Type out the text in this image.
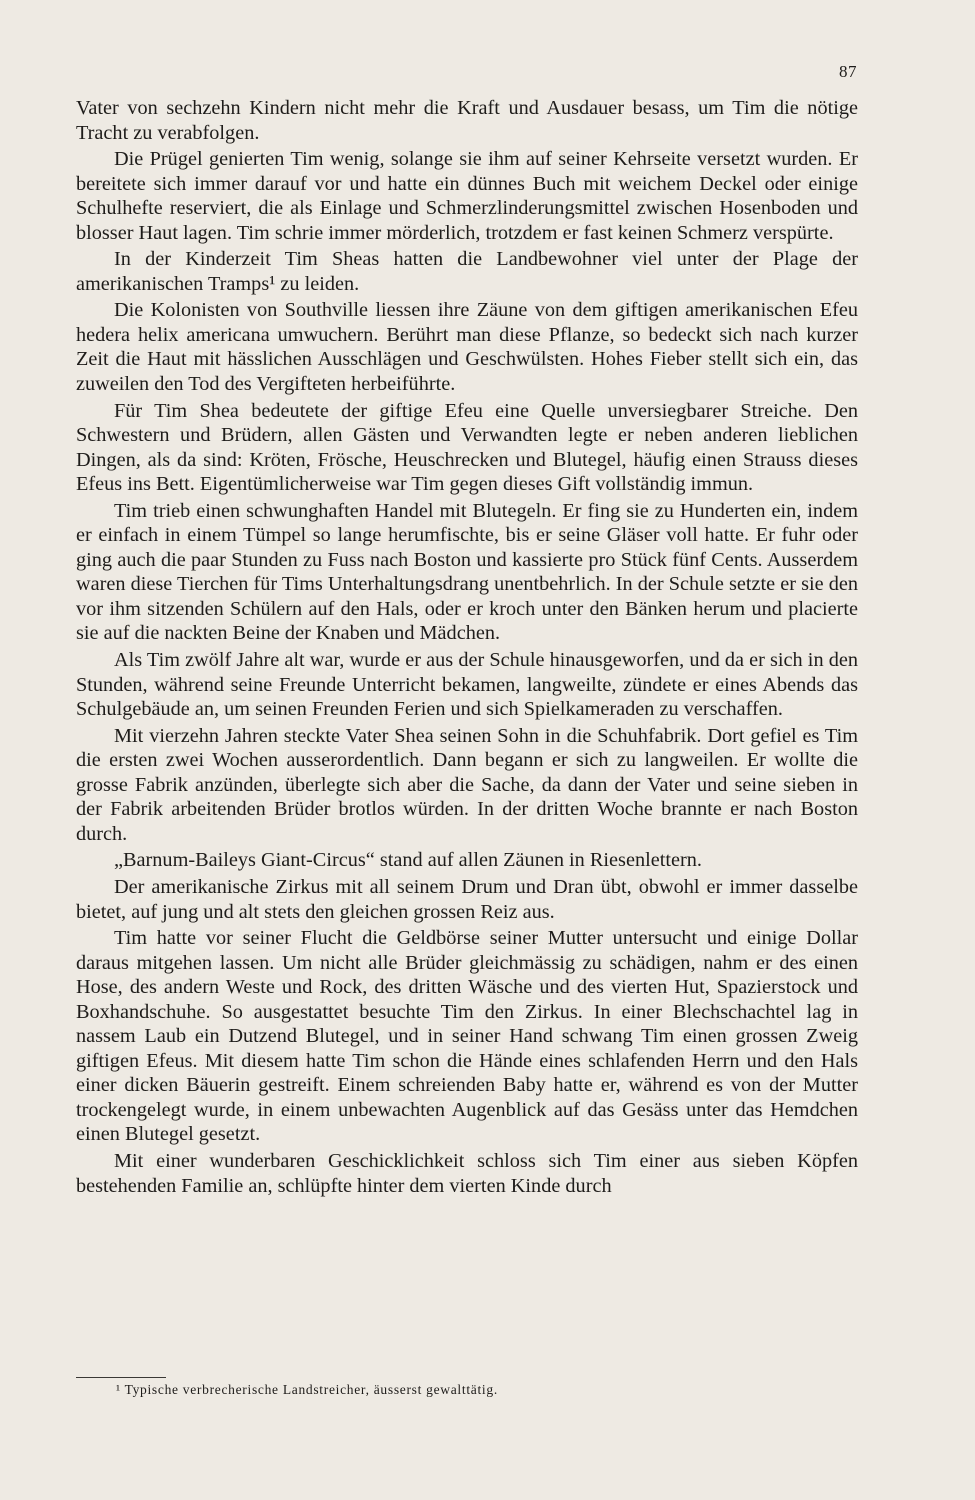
87

Vater von sechzehn Kindern nicht mehr die Kraft und Ausdauer besass, um Tim die nötige Tracht zu verabfolgen.

Die Prügel genierten Tim wenig, solange sie ihm auf seiner Kehrseite versetzt wurden. Er bereitete sich immer darauf vor und hatte ein dünnes Buch mit weichem Deckel oder einige Schulhefte reserviert, die als Einlage und Schmerzlinderungsmittel zwischen Hosenboden und blosser Haut lagen. Tim schrie immer mörderlich, trotzdem er fast keinen Schmerz verspürte.

In der Kinderzeit Tim Sheas hatten die Landbewohner viel unter der Plage der amerikanischen Tramps¹ zu leiden.

Die Kolonisten von Southville liessen ihre Zäune von dem giftigen amerikanischen Efeu hedera helix americana umwuchern. Berührt man diese Pflanze, so bedeckt sich nach kurzer Zeit die Haut mit hässlichen Ausschlägen und Geschwülsten. Hohes Fieber stellt sich ein, das zuweilen den Tod des Vergifteten herbeiführte.

Für Tim Shea bedeutete der giftige Efeu eine Quelle unversiegbarer Streiche. Den Schwestern und Brüdern, allen Gästen und Verwandten legte er neben anderen lieblichen Dingen, als da sind: Kröten, Frösche, Heuschrecken und Blutegel, häufig einen Strauss dieses Efeus ins Bett. Eigentümlicherweise war Tim gegen dieses Gift vollständig immun.

Tim trieb einen schwunghaften Handel mit Blutegeln. Er fing sie zu Hunderten ein, indem er einfach in einem Tümpel so lange herumfischte, bis er seine Gläser voll hatte. Er fuhr oder ging auch die paar Stunden zu Fuss nach Boston und kassierte pro Stück fünf Cents. Ausserdem waren diese Tierchen für Tims Unterhaltungsdrang unentbehrlich. In der Schule setzte er sie den vor ihm sitzenden Schülern auf den Hals, oder er kroch unter den Bänken herum und placierte sie auf die nackten Beine der Knaben und Mädchen.

Als Tim zwölf Jahre alt war, wurde er aus der Schule hinausgeworfen, und da er sich in den Stunden, während seine Freunde Unterricht bekamen, langweilte, zündete er eines Abends das Schulgebäude an, um seinen Freunden Ferien und sich Spielkameraden zu verschaffen.

Mit vierzehn Jahren steckte Vater Shea seinen Sohn in die Schuhfabrik. Dort gefiel es Tim die ersten zwei Wochen ausserordentlich. Dann begann er sich zu langweilen. Er wollte die grosse Fabrik anzünden, überlegte sich aber die Sache, da dann der Vater und seine sieben in der Fabrik arbeitenden Brüder brotlos würden. In der dritten Woche brannte er nach Boston durch.

„Barnum-Baileys Giant-Circus“ stand auf allen Zäunen in Riesenlettern.

Der amerikanische Zirkus mit all seinem Drum und Dran übt, obwohl er immer dasselbe bietet, auf jung und alt stets den gleichen grossen Reiz aus.

Tim hatte vor seiner Flucht die Geldbörse seiner Mutter untersucht und einige Dollar daraus mitgehen lassen. Um nicht alle Brüder gleichmässig zu schädigen, nahm er des einen Hose, des andern Weste und Rock, des dritten Wäsche und des vierten Hut, Spazierstock und Boxhandschuhe. So ausgestattet besuchte Tim den Zirkus. In einer Blechschachtel lag in nassem Laub ein Dutzend Blutegel, und in seiner Hand schwang Tim einen grossen Zweig giftigen Efeus. Mit diesem hatte Tim schon die Hände eines schlafenden Herrn und den Hals einer dicken Bäuerin gestreift. Einem schreienden Baby hatte er, während es von der Mutter trockengelegt wurde, in einem unbewachten Augenblick auf das Gesäss unter das Hemdchen einen Blutegel gesetzt.

Mit einer wunderbaren Geschicklichkeit schloss sich Tim einer aus sieben Köpfen bestehenden Familie an, schlüpfte hinter dem vierten Kinde durch

¹ Typische verbrecherische Landstreicher, äusserst gewalttätig.
